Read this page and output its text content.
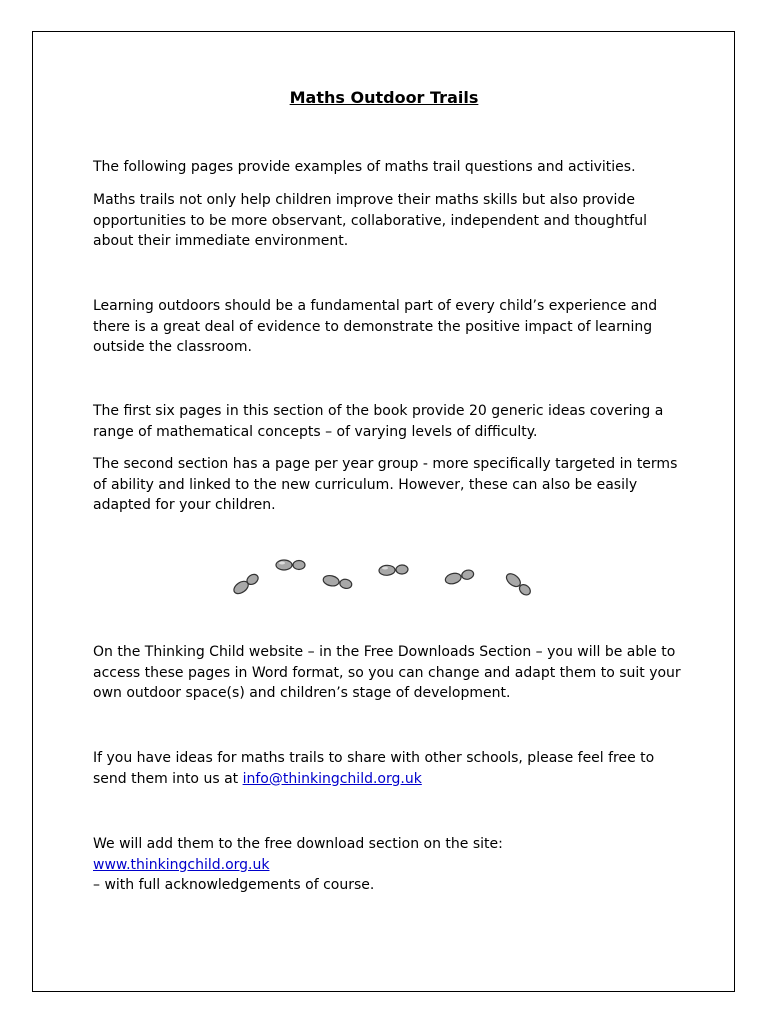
Maths Outdoor Trails

The following pages provide examples of maths trail questions and activities.

Maths trails not only help children improve their maths skills but also provide opportunities to be more observant, collaborative, independent and thoughtful about their immediate environment.

Learning outdoors should be a fundamental part of every child’s experience and there is a great deal of evidence to demonstrate the positive impact of learning outside the classroom.

The first six pages in this section of the book provide 20 generic ideas covering a range of mathematical concepts – of varying levels of difficulty.

The second section has a page per year group - more specifically targeted in terms of ability and linked to the new curriculum. However, these can also be easily adapted for your children.

On the Thinking Child website – in the Free Downloads Section – you will be able to access these pages in Word format, so you can change and adapt them to suit your own outdoor space(s) and children’s stage of development.

If you have ideas for maths trails to share with other schools, please feel free to send them into us at info@thinkingchild.org.uk

We will add them to the free download section on the site: www.thinkingchild.org.uk
– with full acknowledgements of course.
